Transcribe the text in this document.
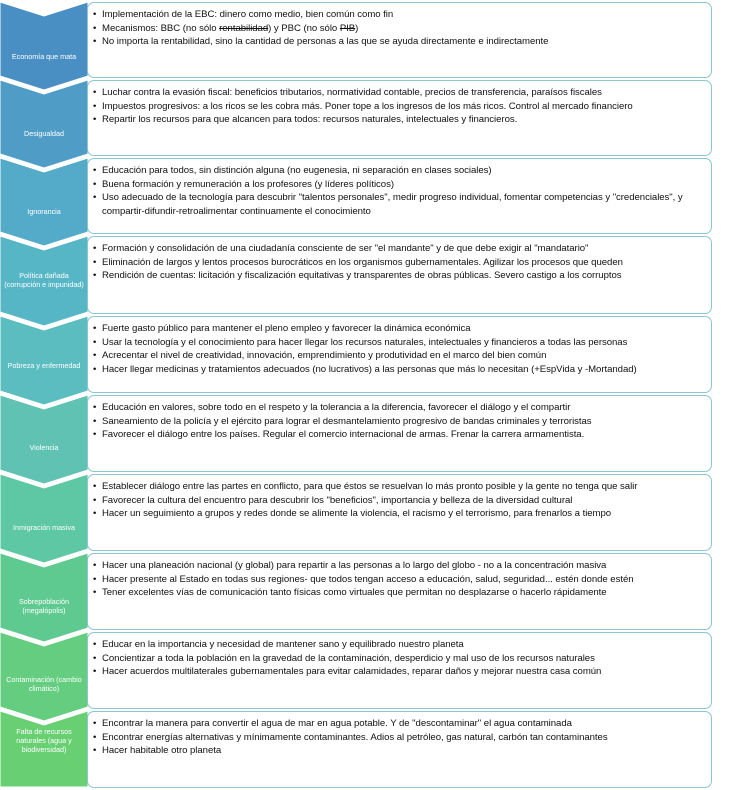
Economía que mata
• Implementación de la EBC: dinero como medio, bien común como fin
• Mecanismos: BBC (no sólo rentabilidad) y PBC (no sólo PIB)
• No importa la rentabilidad, sino la cantidad de personas a las que se ayuda directamente e indirectamente
Desigualdad
• Luchar contra la evasión fiscal: beneficios tributarios, normatividad contable, precios de transferencia, paraísos fiscales
• Impuestos progresivos: a los ricos se les cobra más. Poner tope a los ingresos de los más ricos. Control al mercado financiero
• Repartir los recursos para que alcancen para todos: recursos naturales, intelectuales y financieros.
Ignorancia
• Educación para todos, sin distinción alguna (no eugenesia, ni separación en clases sociales)
• Buena formación y remuneración a los profesores (y líderes políticos)
• Uso adecuado de la tecnología para descubrir "talentos personales", medir progreso individual, fomentar competencias y "credenciales", y compartir-difundir-retroalimentar continuamente el conocimiento
Política dañada (corrupción e impunidad)
• Formación y consolidación de una ciudadanía consciente de ser "el mandante" y de que debe exigir al "mandatario"
• Eliminación de largos y lentos procesos burocráticos en los organismos gubernamentales. Agilizar los procesos que queden
• Rendición de cuentas: licitación y fiscalización equitativas y transparentes de obras públicas. Severo castigo a los corruptos
Pobreza y enfermedad
• Fuerte gasto público para mantener el pleno empleo y favorecer la dinámica económica
• Usar la tecnología y el conocimiento para hacer llegar los recursos naturales, intelectuales y financieros a todas las personas
• Acrecentar el nivel de creatividad, innovación, emprendimiento y produtividad en el marco del bien común
• Hacer llegar medicinas y tratamientos adecuados (no lucrativos) a las personas que más lo necesitan (+EspVida y -Mortandad)
Violencia
• Educación en valores, sobre todo en el respeto y la tolerancia a la diferencia, favorecer el diálogo y el compartir
• Saneamiento de la policía y el ejército para lograr el desmantelamiento progresivo de bandas criminales y terroristas
• Favorecer el diálogo entre los países. Regular el comercio internacional de armas. Frenar la carrera armamentista.
Inmigración masiva
• Establecer diálogo entre las partes en conflicto, para que éstos se resuelvan lo más pronto posible y la gente no tenga que salir
• Favorecer la cultura del encuentro para descubrir los "beneficios", importancia y belleza de la diversidad cultural
• Hacer un seguimiento a grupos y redes donde se alimente la violencia, el racismo y el terrorismo, para frenarlos a tiempo
Sobrepoblación (megalópolis)
• Hacer una planeación nacional (y global) para repartir a las personas a lo largo del globo - no a la concentración masiva
• Hacer presente al Estado en todas sus regiones- que todos tengan acceso a educación, salud, seguridad... estén donde estén
• Tener excelentes vías de comunicación tanto físicas como virtuales que permitan no desplazarse o hacerlo rápidamente
Contaminación (cambio climático)
• Educar en la importancia y necesidad de mantener sano y equilibrado nuestro planeta
• Concientizar a toda la población en la gravedad de la contaminación, desperdicio y mal uso de los recursos naturales
• Hacer acuerdos multilaterales gubernamentales para evitar calamidades, reparar daños y mejorar nuestra casa común
Falta de recursos naturales (agua y biodiversidad)
• Encontrar la manera para convertir el agua de mar en agua potable. Y de "descontaminar" el agua contaminada
• Encontrar energías alternativas y mínimamente contaminantes. Adios al petróleo, gas natural, carbón tan contaminantes
• Hacer habitable otro planeta
